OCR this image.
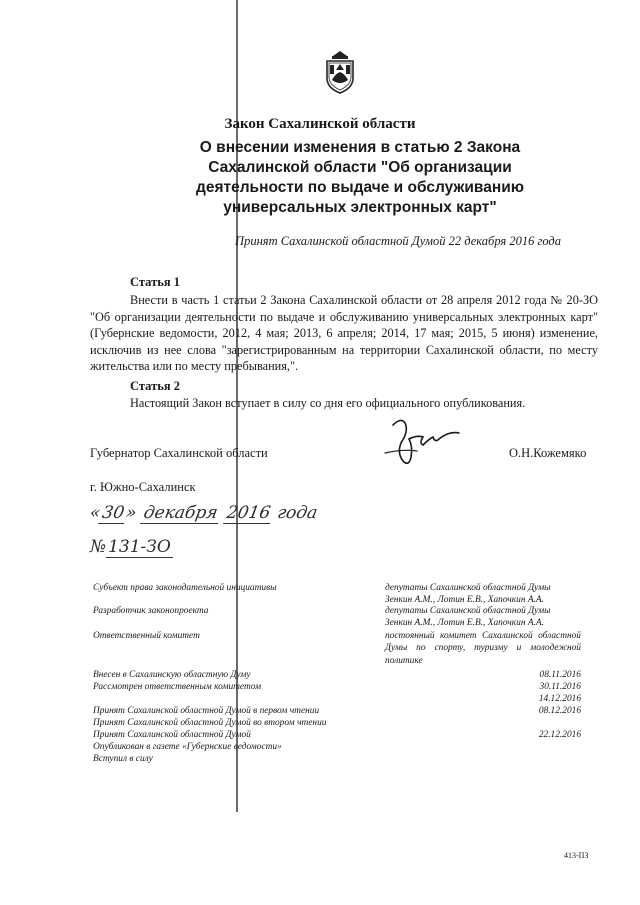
Закон Сахалинской области
О внесении изменения в статью 2 Закона
Сахалинской области "Об организации
деятельности по выдаче и обслуживанию
универсальных электронных карт"
Принят Сахалинской областной Думой 22 декабря 2016 года
Статья 1
Внести в часть 1 статьи 2 Закона Сахалинской области от 28 апреля 2012 года № 20-ЗО "Об организации деятельности по выдаче и обслуживанию универсальных электронных карт" (Губернские ведомости, 2012, 4 мая; 2013, 6 апреля; 2014, 17 мая; 2015, 5 июня) изменение, исключив из нее слова "зарегистрированным на территории Сахалинской области, по месту жительства или по месту пребывания,".
Статья 2
Настоящий Закон вступает в силу со дня его официального опубликования.
Губернатор Сахалинской области	О.Н.Кожемяко
г. Южно-Сахалинск
«30» декабря 2016 года
№ 131-ЗО
Субъект права законодательной инициативы	депутаты Сахалинской областной Думы
Зенкин А.М., Лотин Е.В., Хапочкин А.А.
Разработчик законопроекта	депутаты Сахалинской областной Думы
Зенкин А.М., Лотин Е.В., Хапочкин А.А.
Ответственный комитет	постоянный комитет Сахалинской областной Думы по спорту, туризму и молодежной политике
Внесен в Сахалинскую областную Думу	08.11.2016
Рассмотрен ответственным комитетом	30.11.2016
14.12.2016
Принят Сахалинской областной Думой в первом чтении	08.12.2016
Принят Сахалинской областной Думой во втором чтении
Принят Сахалинской областной Думой	22.12.2016
Опубликован в газете «Губернские ведомости»
Вступил в силу
413-ПЗ
